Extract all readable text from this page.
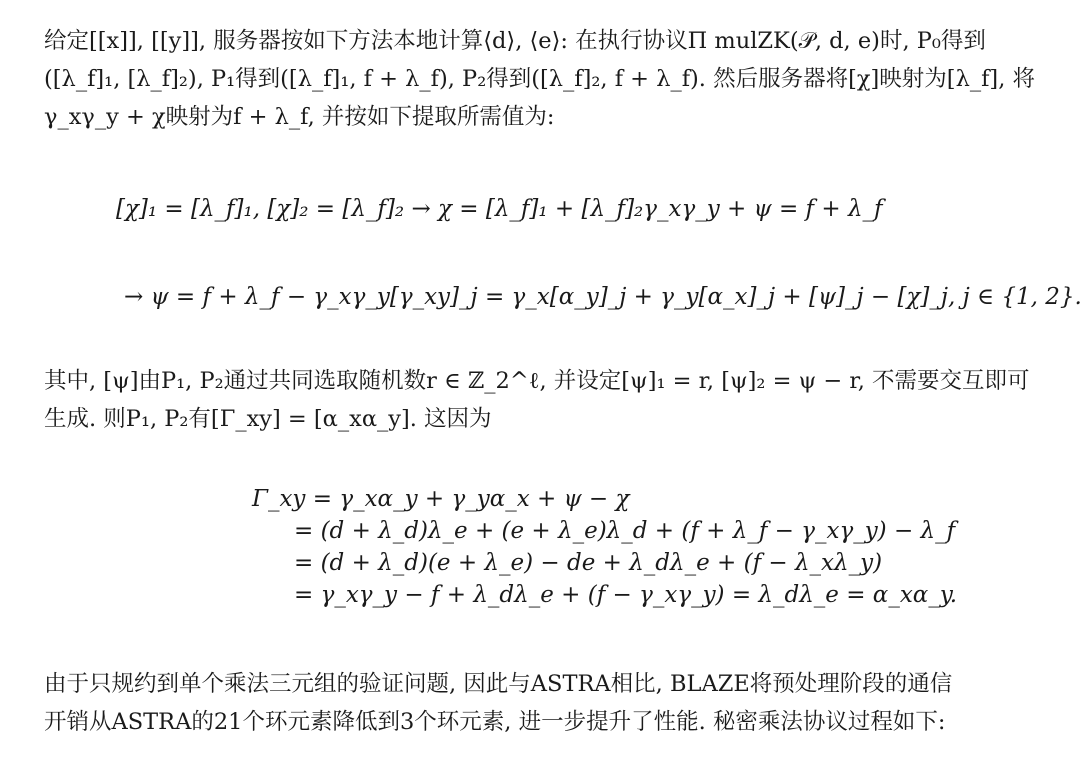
给定[[x]], [[y]], 服务器按如下方法本地计算⟨d⟩, ⟨e⟩: 在执行协议Π mulZK(𝒫, d, e)时, P₀得到
([λ_f]₁, [λ_f]₂), P₁得到([λ_f]₁, f + λ_f), P₂得到([λ_f]₂, f + λ_f). 然后服务器将[χ]映射为[λ_f], 将
γ_xγ_y + χ映射为f + λ_f, 并按如下提取所需值为:

[χ]₁ = [λ_f]₁, [χ]₂ = [λ_f]₂ → χ = [λ_f]₁ + [λ_f]₂γ_xγ_y + ψ = f + λ_f
→ ψ = f + λ_f − γ_xγ_y[γ_xy]_j = γ_x[α_y]_j + γ_y[α_x]_j + [ψ]_j − [χ]_j, j ∈ {1, 2}.

其中, [ψ]由P₁, P₂通过共同选取随机数r ∈ ℤ_2^ℓ, 并设定[ψ]₁ = r, [ψ]₂ = ψ − r, 不需要交互即可
生成. 则P₁, P₂有[Γ_xy] = [α_xα_y]. 这因为

Γ_xy = γ_xα_y + γ_yα_x + ψ − χ
= (d + λ_d)λ_e + (e + λ_e)λ_d + (f + λ_f − γ_xγ_y) − λ_f
= (d + λ_d)(e + λ_e) − de + λ_dλ_e + (f − λ_xλ_y)
= γ_xγ_y − f + λ_dλ_e + (f − γ_xγ_y) = λ_dλ_e = α_xα_y.

由于只规约到单个乘法三元组的验证问题, 因此与ASTRA相比, BLAZE将预处理阶段的通信
开销从ASTRA的21个环元素降低到3个环元素, 进一步提升了性能. 秘密乘法协议过程如下:
